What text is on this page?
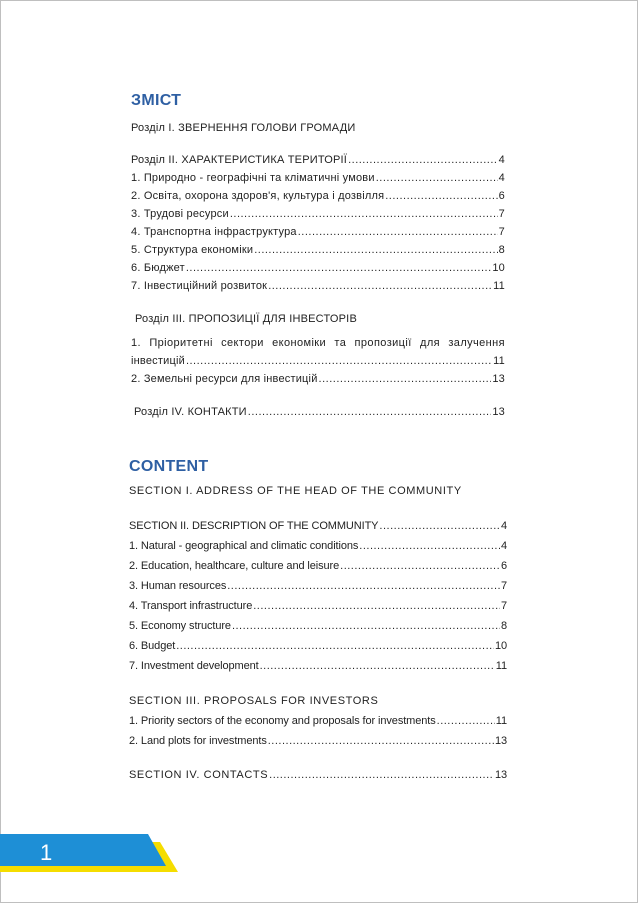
ЗМІСТ
Розділ І. ЗВЕРНЕННЯ ГОЛОВИ ГРОМАДИ
Розділ ІІ. ХАРАКТЕРИСТИКА ТЕРИТОРІЇ .....	4
1. Природно - географічні та кліматичні умови .....	4
2. Освіта, охорона здоров'я, культура і дозвілля .....	6
3. Трудові ресурси .....	7
4. Транспортна інфраструктура .....	7
5. Структура економіки .....	8
6. Бюджет .....	10
7. Інвестиційний розвиток .....	11
Розділ ІІІ. ПРОПОЗИЦІЇ ДЛЯ ІНВЕСТОРІВ
1. Пріоритетні сектори економіки та пропозиції для залучення
інвестицій .....	11
2. Земельні ресурси для інвестицій .....	13
Розділ ІV. КОНТАКТИ .....	13
CONTENT
SECTION I. ADDRESS OF THE HEAD OF THE COMMUNITY
SECTION II. DESCRIPTION OF THE COMMUNITY .....	4
1. Natural - geographical and climatic conditions .....	4
2. Education, healthcare, culture and leisure .....	6
3. Human resources .....	7
4. Transport infrastructure .....	7
5. Economy structure .....	8
6. Budget .....	10
7. Investment development .....	11
SECTION III. PROPOSALS FOR INVESTORS
1. Priority sectors of the economy and proposals for investments .....	11
2. Land plots for investments .....	13
SECTION IV. CONTACTS .....	13
1
